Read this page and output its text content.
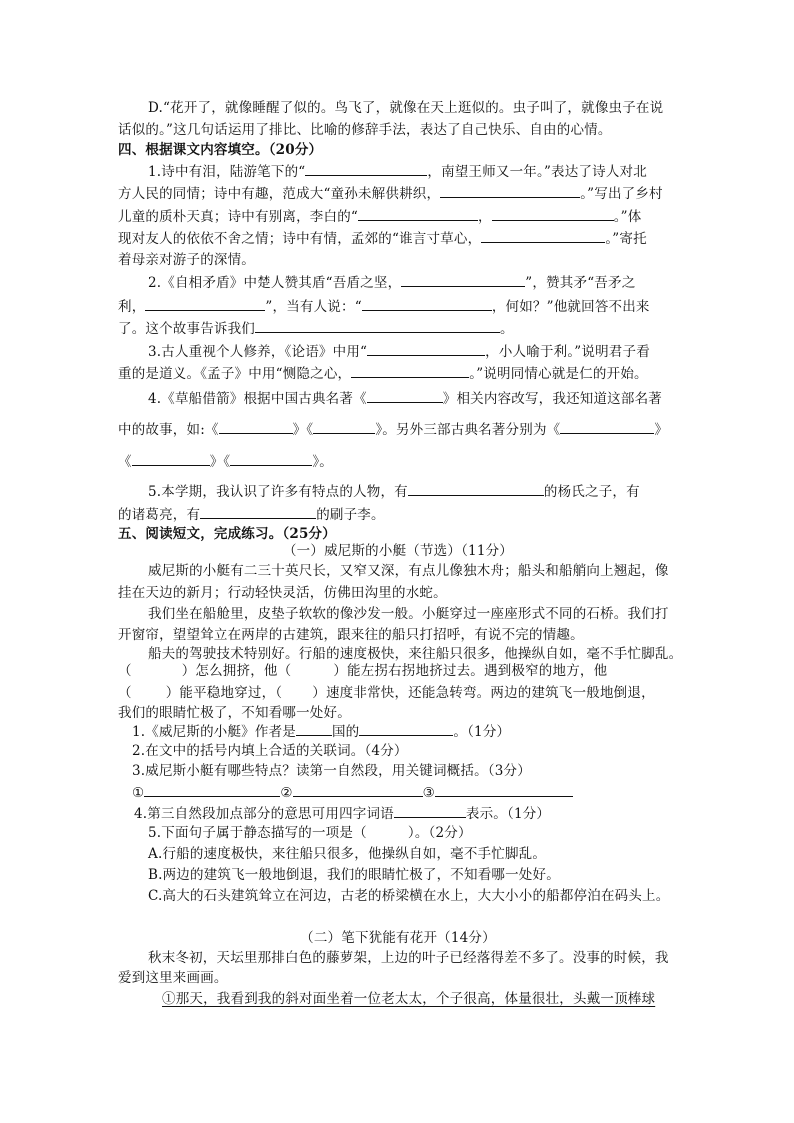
D.“花开了，就像睡醒了似的。鸟飞了，就像在天上逛似的。虫子叫了，就像虫子在说
话似的。”这几句话运用了排比、比喻的修辞手法，表达了自己快乐、自由的心情。
四、根据课文内容填空。（20分）
1.诗中有泪，陆游笔下的“	，南望王师又一年。”表达了诗人对北
方人民的同情；诗中有趣，范成大“童孙未解供耕织，	。”写出了乡村
儿童的质朴天真；诗中有别离，李白的“	，	。”体
现对友人的依依不舍之情；诗中有情，孟郊的“谁言寸草心，	。”寄托
着母亲对游子的深情。
2.《自相矛盾》中楚人赞其盾“吾盾之坚，	”，赞其矛“吾矛之
利，	”，当有人说：“	，何如？”他就回答不出来
了。这个故事告诉我们	。
3.古人重视个人修养，《论语》中用“	，小人喻于利。”说明君子看
重的是道义。《孟子》中用“恻隐之心，	。”说明同情心就是仁的开始。
4.《草船借箭》根据中国古典名著《	》相关内容改写，我还知道这部名著
中的故事，如:《	》《	》。另外三部古典名著分别为《	》
《	》《	》。
5.本学期，我认识了许多有特点的人物，有	的杨氏之子，有
的诸葛亮，有	的刷子李。
五、阅读短文，完成练习。（25分）
（一）威尼斯的小艇（节选）（11分）
威尼斯的小艇有二三十英尺长，又窄又深，有点儿像独木舟；船头和船艄向上翘起，像
挂在天边的新月；行动轻快灵活，仿佛田沟里的水蛇。
我们坐在船舱里，皮垫子软软的像沙发一般。小艇穿过一座座形式不同的石桥。我们打
开窗帘，望望耸立在两岸的古建筑，跟来往的船只打招呼，有说不完的情趣。
船夫的驾驶技术特别好。行船的速度极快，来往船只很多，他操纵自如，毫不手忙脚乱。
（	）怎么拥挤，他（	）能左拐右拐地挤过去。遇到极窄的地方，他
（	）能平稳地穿过，（ ）速度非常快，还能急转弯。两边的建筑飞一般地倒退，
我们的眼睛忙极了，不知看哪一处好。
1.《威尼斯的小艇》作者是	国的	。（1分）
2.在文中的括号内填上合适的关联词。（4分）
3.威尼斯小艇有哪些特点？读第一自然段，用关键词概括。（3分）
①	②	③
4.第三自然段加点部分的意思可用四字词语	表示。（1分）
5.下面句子属于静态描写的一项是（　　　）。（2分）
A.行船的速度极快，来往船只很多，他操纵自如，毫不手忙脚乱。
B.两边的建筑飞一般地倒退，我们的眼睛忙极了，不知看哪一处好。
C.高大的石头建筑耸立在河边，古老的桥梁横在水上，大大小小的船都停泊在码头上。
（二）笔下犹能有花开（14分）
秋末冬初，天坛里那排白色的藤萝架，上边的叶子已经落得差不多了。没事的时候，我
爱到这里来画画。
①那天，我看到我的斜对面坐着一位老太太，个子很高，体量很壮，头戴一顶棒球
